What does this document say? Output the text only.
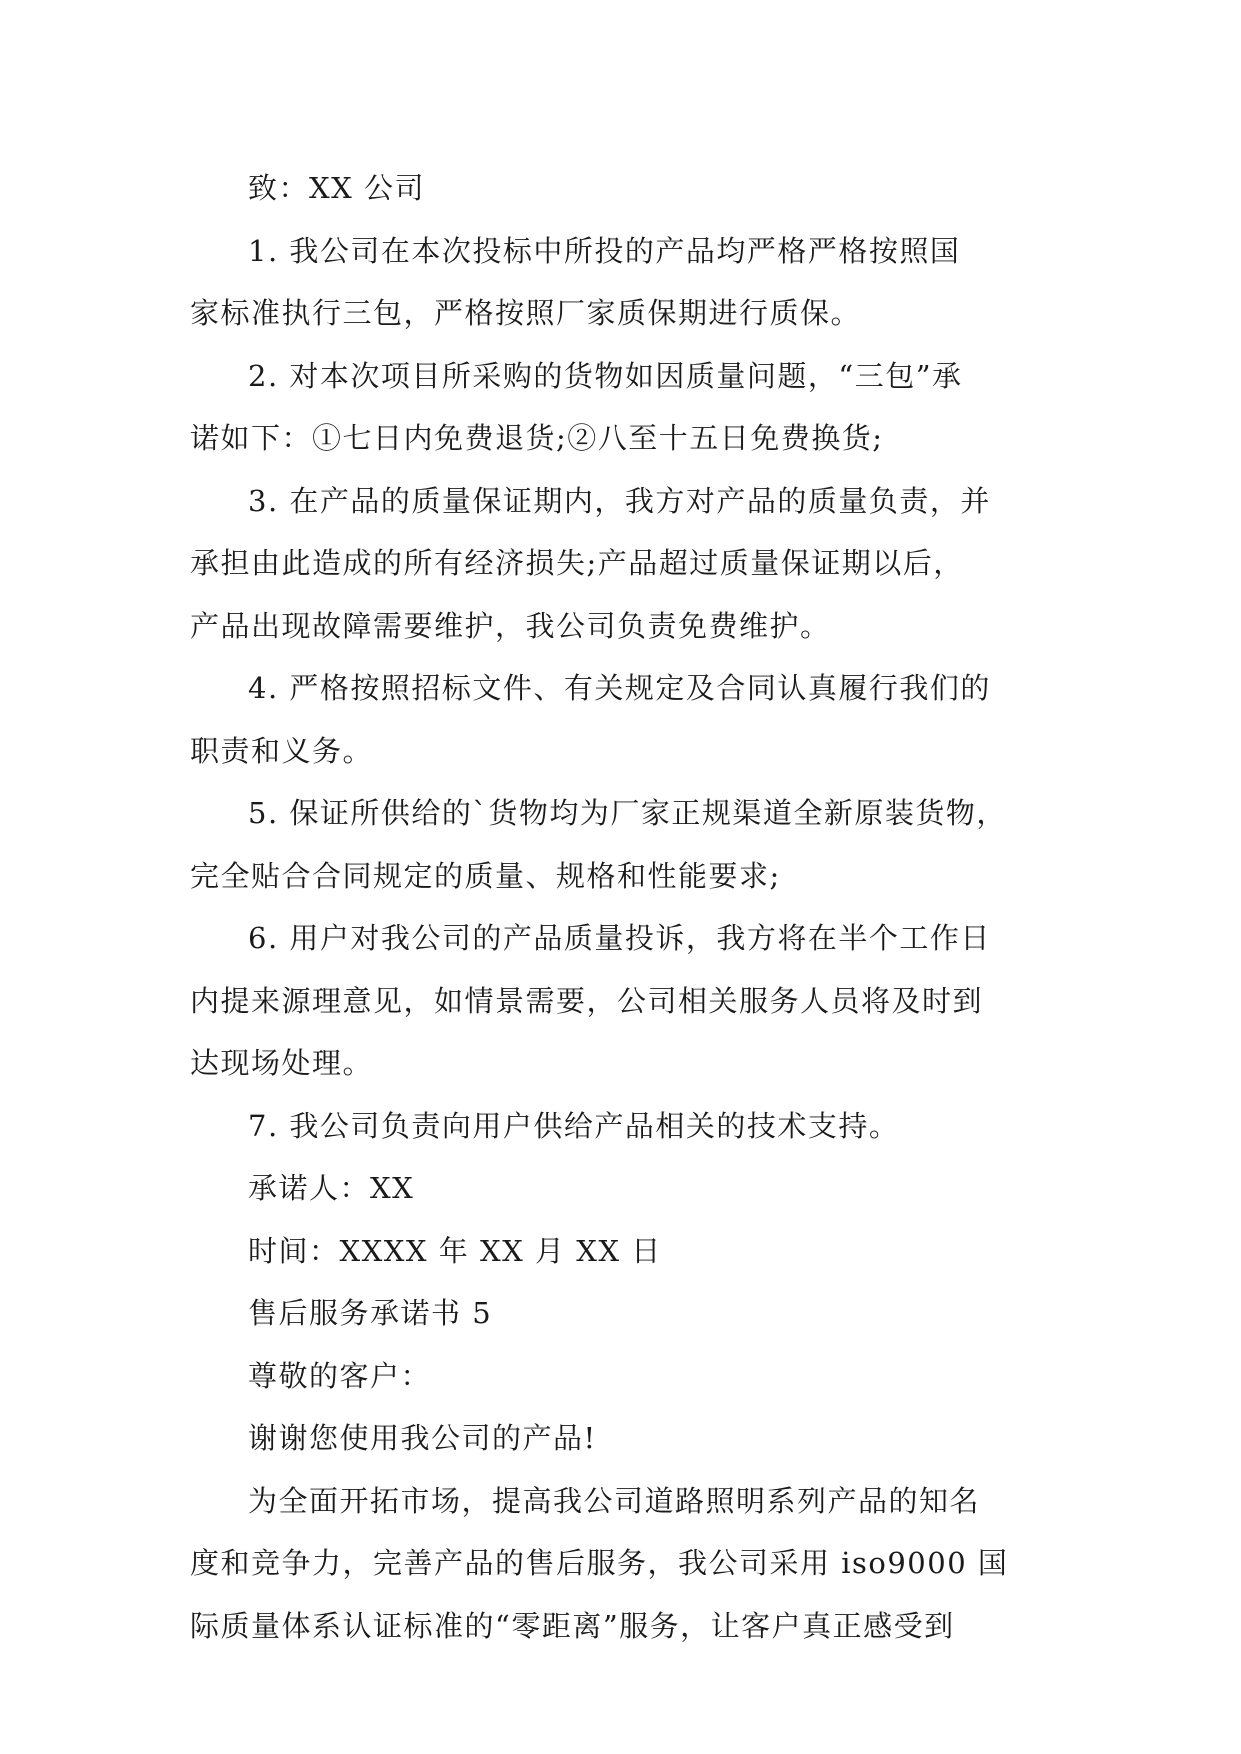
致：XX 公司

1. 我公司在本次投标中所投的产品均严格严格按照国
家标准执行三包，严格按照厂家质保期进行质保。

2. 对本次项目所采购的货物如因质量问题，“三包”承
诺如下：①七日内免费退货;②八至十五日免费换货;

3. 在产品的质量保证期内，我方对产品的质量负责，并
承担由此造成的所有经济损失;产品超过质量保证期以后，
产品出现故障需要维护，我公司负责免费维护。

4. 严格按照招标文件、有关规定及合同认真履行我们的
职责和义务。

5. 保证所供给的`货物均为厂家正规渠道全新原装货物，
完全贴合合同规定的质量、规格和性能要求;

6. 用户对我公司的产品质量投诉，我方将在半个工作日
内提来源理意见，如情景需要，公司相关服务人员将及时到
达现场处理。

7. 我公司负责向用户供给产品相关的技术支持。

承诺人：XX

时间：XXXX 年 XX 月 XX 日

售后服务承诺书 5

尊敬的客户：

谢谢您使用我公司的产品!

为全面开拓市场，提高我公司道路照明系列产品的知名
度和竞争力，完善产品的售后服务，我公司采用 iso9000 国
际质量体系认证标准的“零距离”服务，让客户真正感受到
